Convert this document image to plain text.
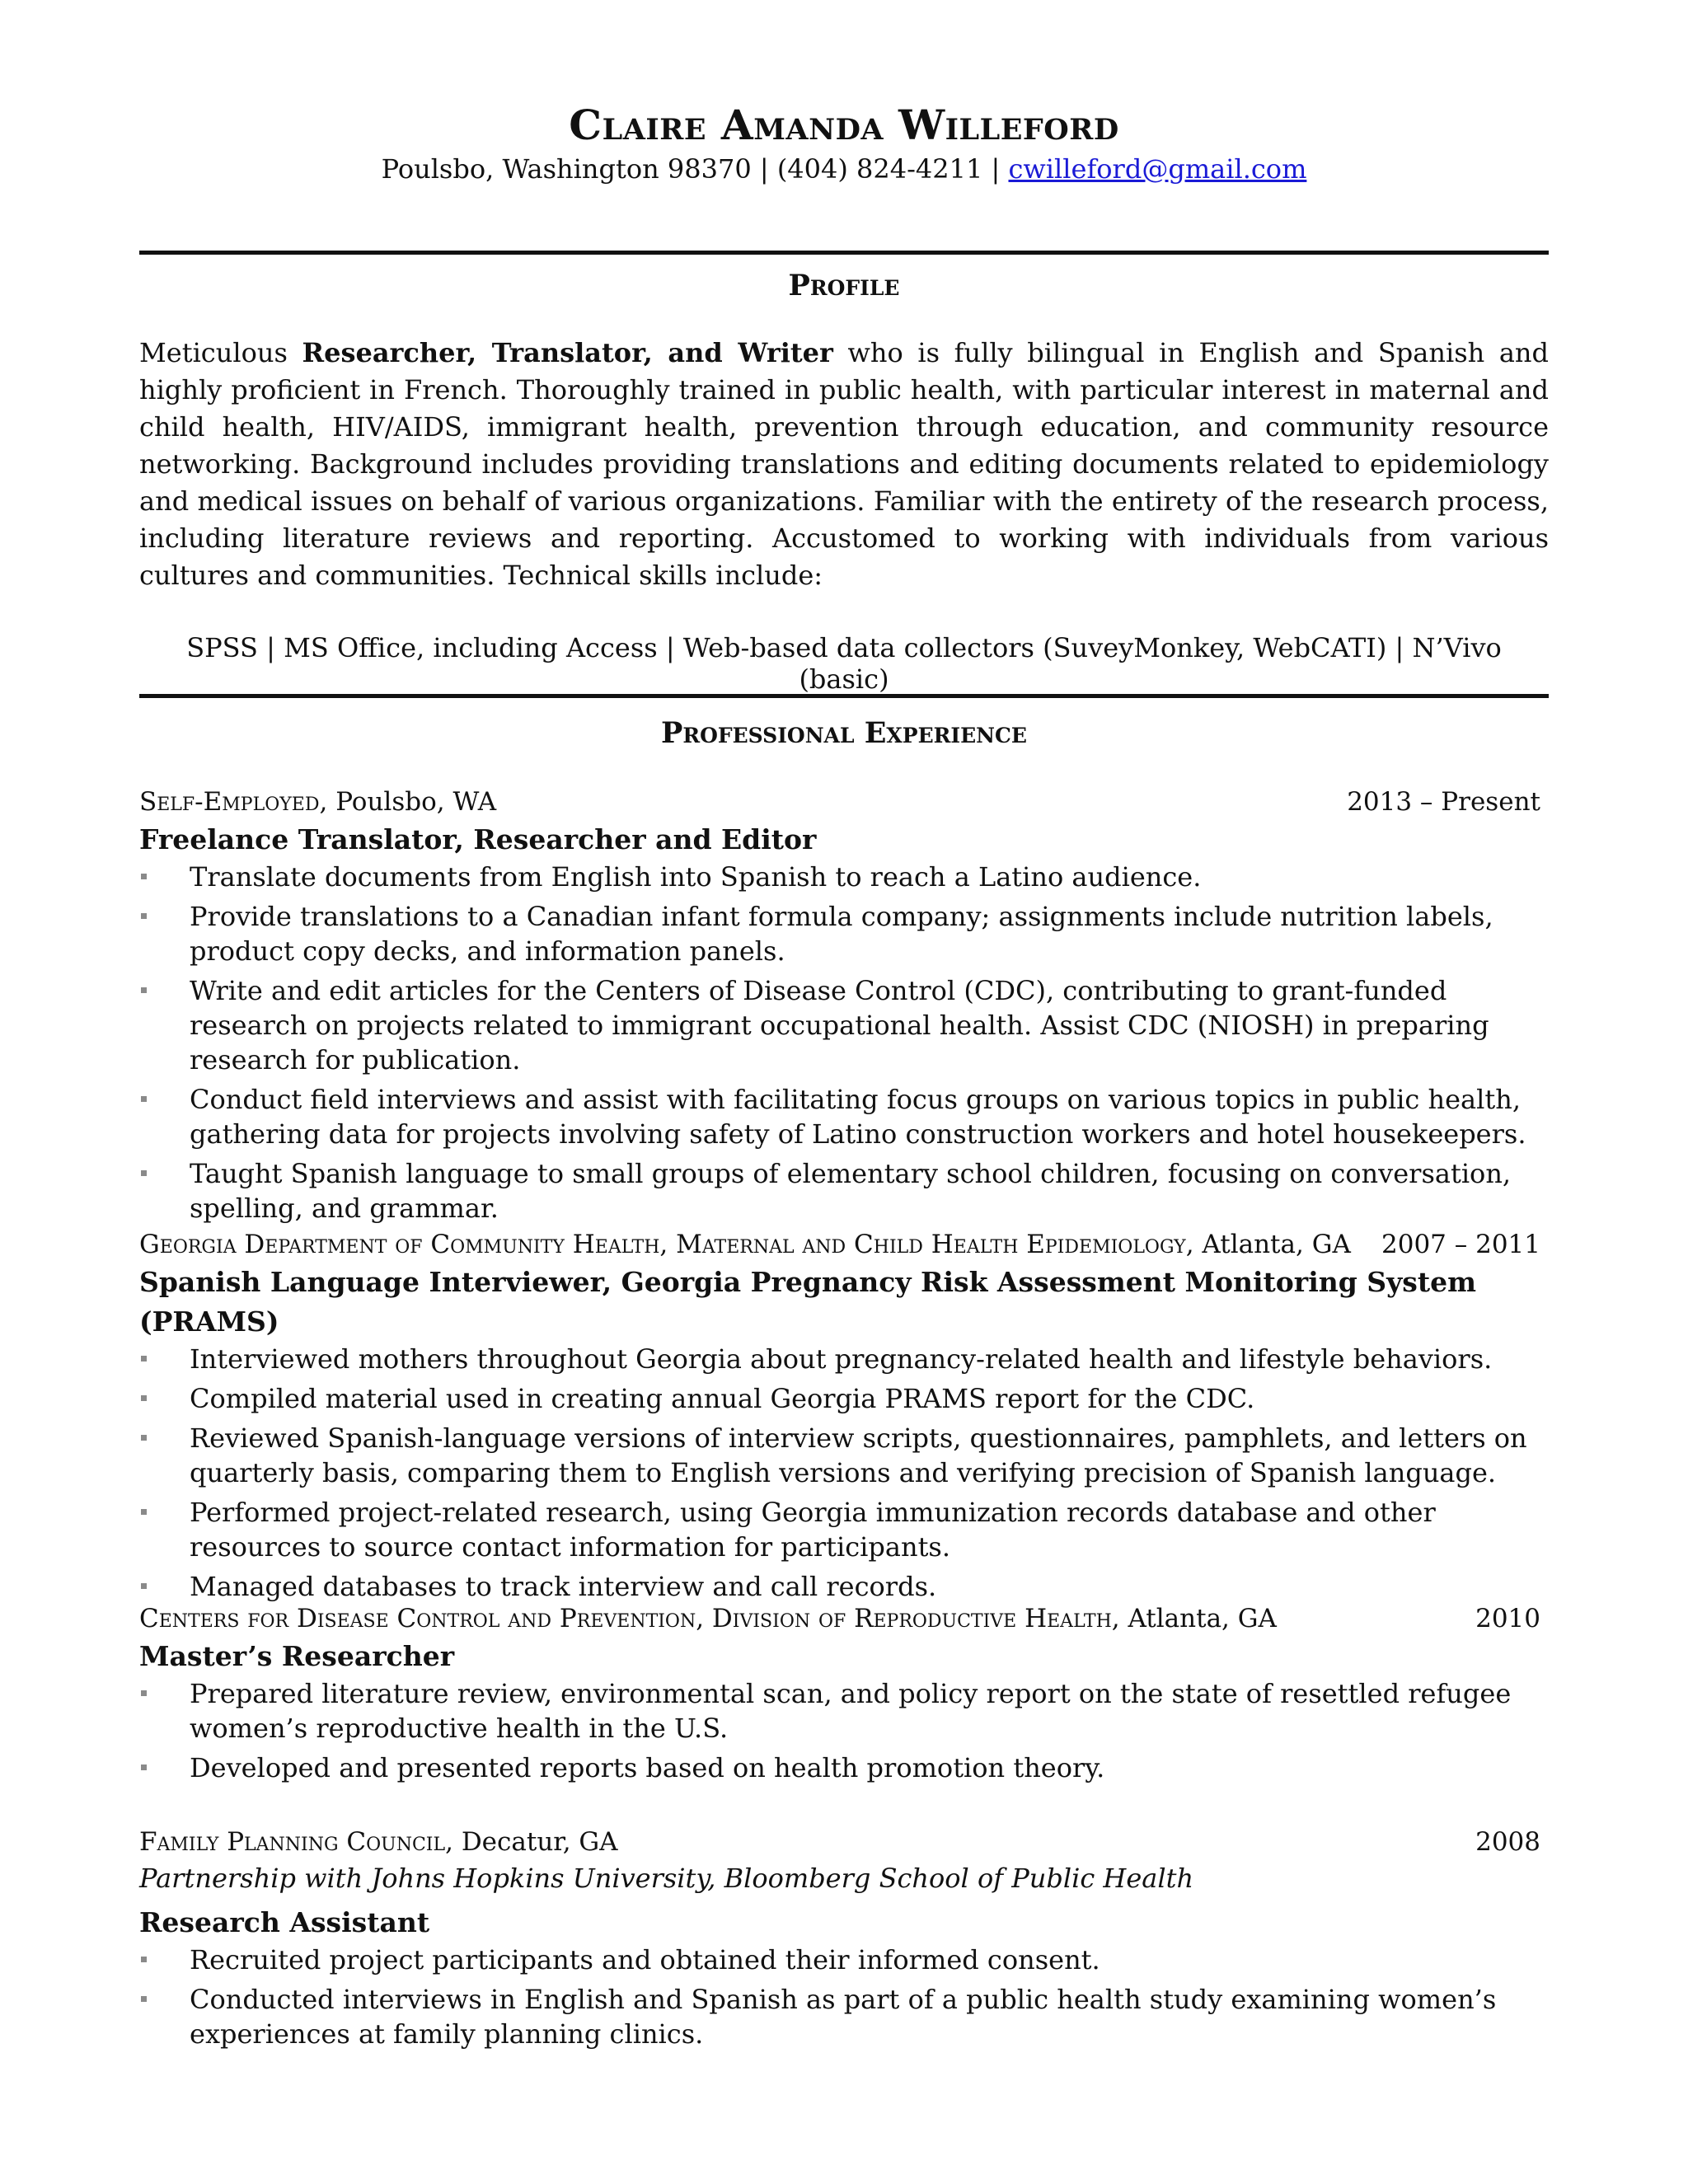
Claire Amanda Willeford
Poulsbo, Washington 98370 | (404) 824-4211 | cwilleford@gmail.com
Profile
Meticulous Researcher, Translator, and Writer who is fully bilingual in English and Spanish and highly proficient in French. Thoroughly trained in public health, with particular interest in maternal and child health, HIV/AIDS, immigrant health, prevention through education, and community resource networking. Background includes providing translations and editing documents related to epidemiology and medical issues on behalf of various organizations. Familiar with the entirety of the research process, including literature reviews and reporting. Accustomed to working with individuals from various cultures and communities. Technical skills include:
SPSS | MS Office, including Access | Web-based data collectors (SuveyMonkey, WebCATI) | N’Vivo (basic)
Professional Experience
Self-Employed, Poulsbo, WA	2013 – Present
Freelance Translator, Researcher and Editor
Translate documents from English into Spanish to reach a Latino audience.
Provide translations to a Canadian infant formula company; assignments include nutrition labels, product copy decks, and information panels.
Write and edit articles for the Centers of Disease Control (CDC), contributing to grant-funded research on projects related to immigrant occupational health. Assist CDC (NIOSH) in preparing research for publication.
Conduct field interviews and assist with facilitating focus groups on various topics in public health, gathering data for projects involving safety of Latino construction workers and hotel housekeepers.
Taught Spanish language to small groups of elementary school children, focusing on conversation, spelling, and grammar.
Georgia Department of Community Health, Maternal and Child Health Epidemiology, Atlanta, GA 2007 – 2011
Spanish Language Interviewer, Georgia Pregnancy Risk Assessment Monitoring System (PRAMS)
Interviewed mothers throughout Georgia about pregnancy-related health and lifestyle behaviors.
Compiled material used in creating annual Georgia PRAMS report for the CDC.
Reviewed Spanish-language versions of interview scripts, questionnaires, pamphlets, and letters on quarterly basis, comparing them to English versions and verifying precision of Spanish language.
Performed project-related research, using Georgia immunization records database and other resources to source contact information for participants.
Managed databases to track interview and call records.
Centers for Disease Control and Prevention, Division of Reproductive Health, Atlanta, GA	2010
Master’s Researcher
Prepared literature review, environmental scan, and policy report on the state of resettled refugee women’s reproductive health in the U.S.
Developed and presented reports based on health promotion theory.
Family Planning Council, Decatur, GA	2008
Partnership with Johns Hopkins University, Bloomberg School of Public Health
Research Assistant
Recruited project participants and obtained their informed consent.
Conducted interviews in English and Spanish as part of a public health study examining women’s experiences at family planning clinics.
